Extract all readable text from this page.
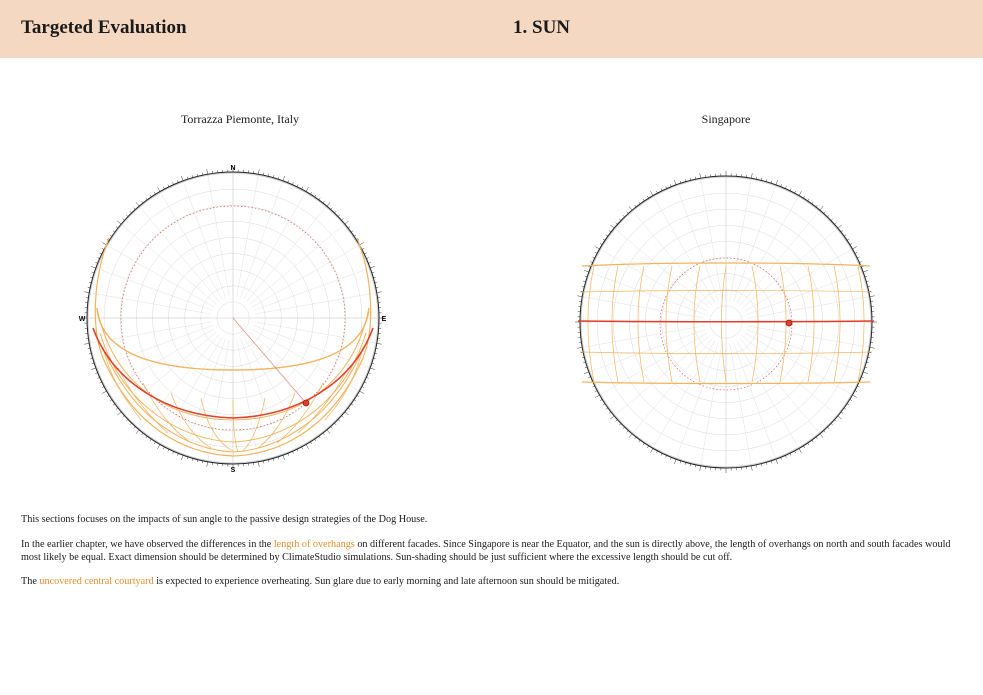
Targeted Evaluation	1. SUN
Torrazza Piemonte, Italy	Singapore
N
S
E
W
This sections focuses on the impacts of sun angle to the passive design strategies of the Dog House.
In the earlier chapter, we have observed the differences in the length of overhangs on different facades. Since Singapore is near the Equator, and the sun is directly above, the length of overhangs on north and south facades would most likely be equal. Exact dimension should be determined by ClimateStudio simulations. Sun-shading should be just sufficient where the excessive length should be cut off.
The uncovered central courtyard is expected to experience overheating. Sun glare due to early morning and late afternoon sun should be mitigated.
